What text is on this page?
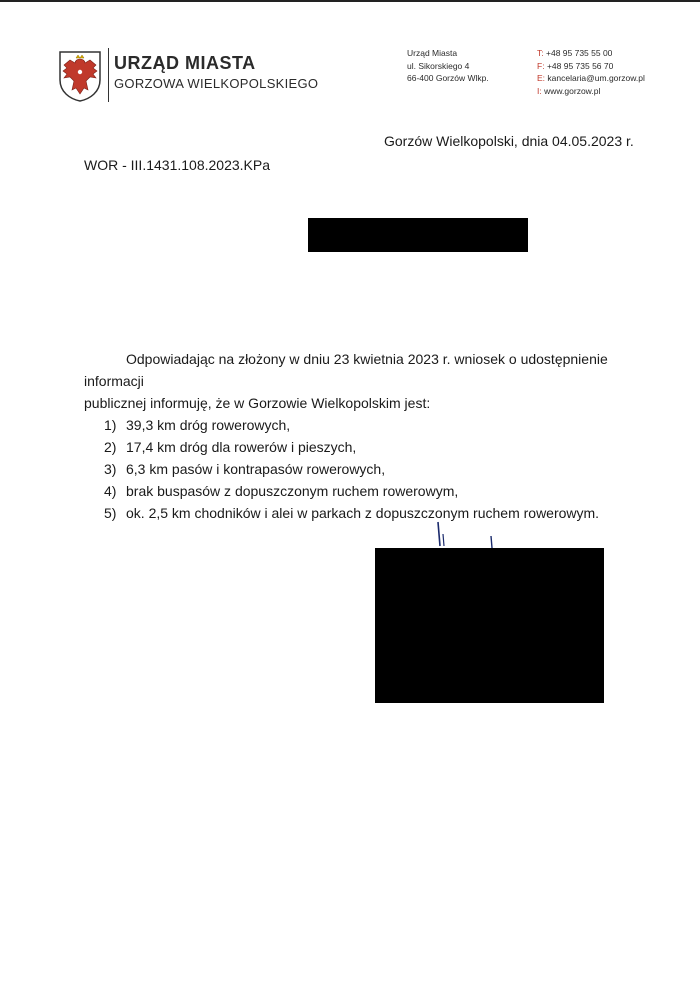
URZĄD MIASTA
GORZOWA WIELKOPOLSKIEGO
Urząd Miasta
ul. Sikorskiego 4
66-400 Gorzów Wlkp.
T: +48 95 735 55 00
F: +48 95 735 56 70
E: kancelaria@um.gorzow.pl
I: www.gorzow.pl
Gorzów Wielkopolski, dnia 04.05.2023 r.
WOR - III.1431.108.2023.KPa

Odpowiadając na złożony w dniu 23 kwietnia 2023 r. wniosek o udostępnienie informacji
publicznej informuję, że w Gorzowie Wielkopolskim jest:

1) 39,3 km dróg rowerowych,
2) 17,4 km dróg dla rowerów i pieszych,
3) 6,3 km pasów i kontrapasów rowerowych,
4) brak buspasów z dopuszczonym ruchem rowerowym,
5) ok. 2,5 km chodników i alei w parkach z dopuszczonym ruchem rowerowym.
